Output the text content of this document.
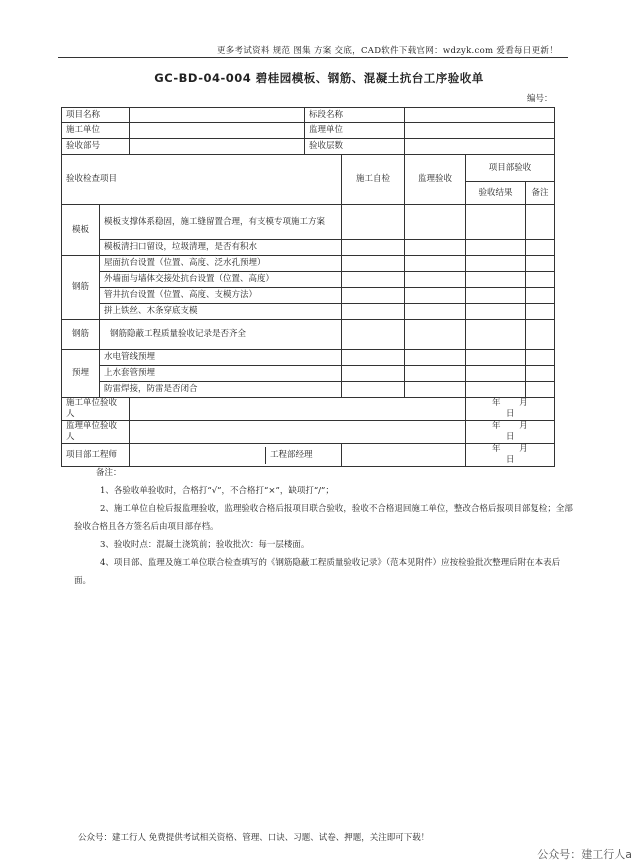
更多考试资料 规范 图集 方案 交底，CAD软件下载官网：wdzyk.com 爱看每日更新！
GC-BD-04-004 碧桂园模板、钢筋、混凝土抗台工序验收单
编号：
项目名称			标段名称				
施工单位			监理单位				
验收部号			验收层数				
验收检查项目				施工自检	监理验收	项目部验收	
						验收结果	备注
模板	模板支撑体系稳固，施工缝留置合理，有支模专项施工方案						
	模板清扫口留设，垃圾清理，是否有积水						
钢筋	屋面抗台设置（位置、高度、泛水孔预埋）						
	外墙面与墙体交接处抗台设置（位置、高度）						
	管井抗台设置（位置、高度、支模方法）						
	拼上铁丝、木条穿底支模						
钢筋	钢筋隐蔽工程质量验收记录是否齐全						
预埋	水电管线预埋						
	上水套管预埋						
	防雷焊接，防雷是否闭合						
施工单位验收人						年 月 日	
监理单位验收人						年 月 日	
项目部工程师		工程部经理				年 月 日	

备注：

1、各验收单验收时，合格打“√”，不合格打“×”，缺项打“/”；

2、施工单位自检后报监理验收，监理验收合格后报项目联合验收，验收不合格退回施工单位，整改合格后报项目部复检；全部验收合格且各方签名后由项目部存档。

3、验收时点：混凝土浇筑前；验收批次：每一层楼面。

4、项目部、监理及施工单位联合检查填写的《钢筋隐蔽工程质量验收记录》（范本见附件）应按检验批次整理后附在本表后面。

公众号：建工行人 免费提供考试相关资格、管理、口诀、习题、试卷、押题，关注即可下载！
公众号：建工行人a
